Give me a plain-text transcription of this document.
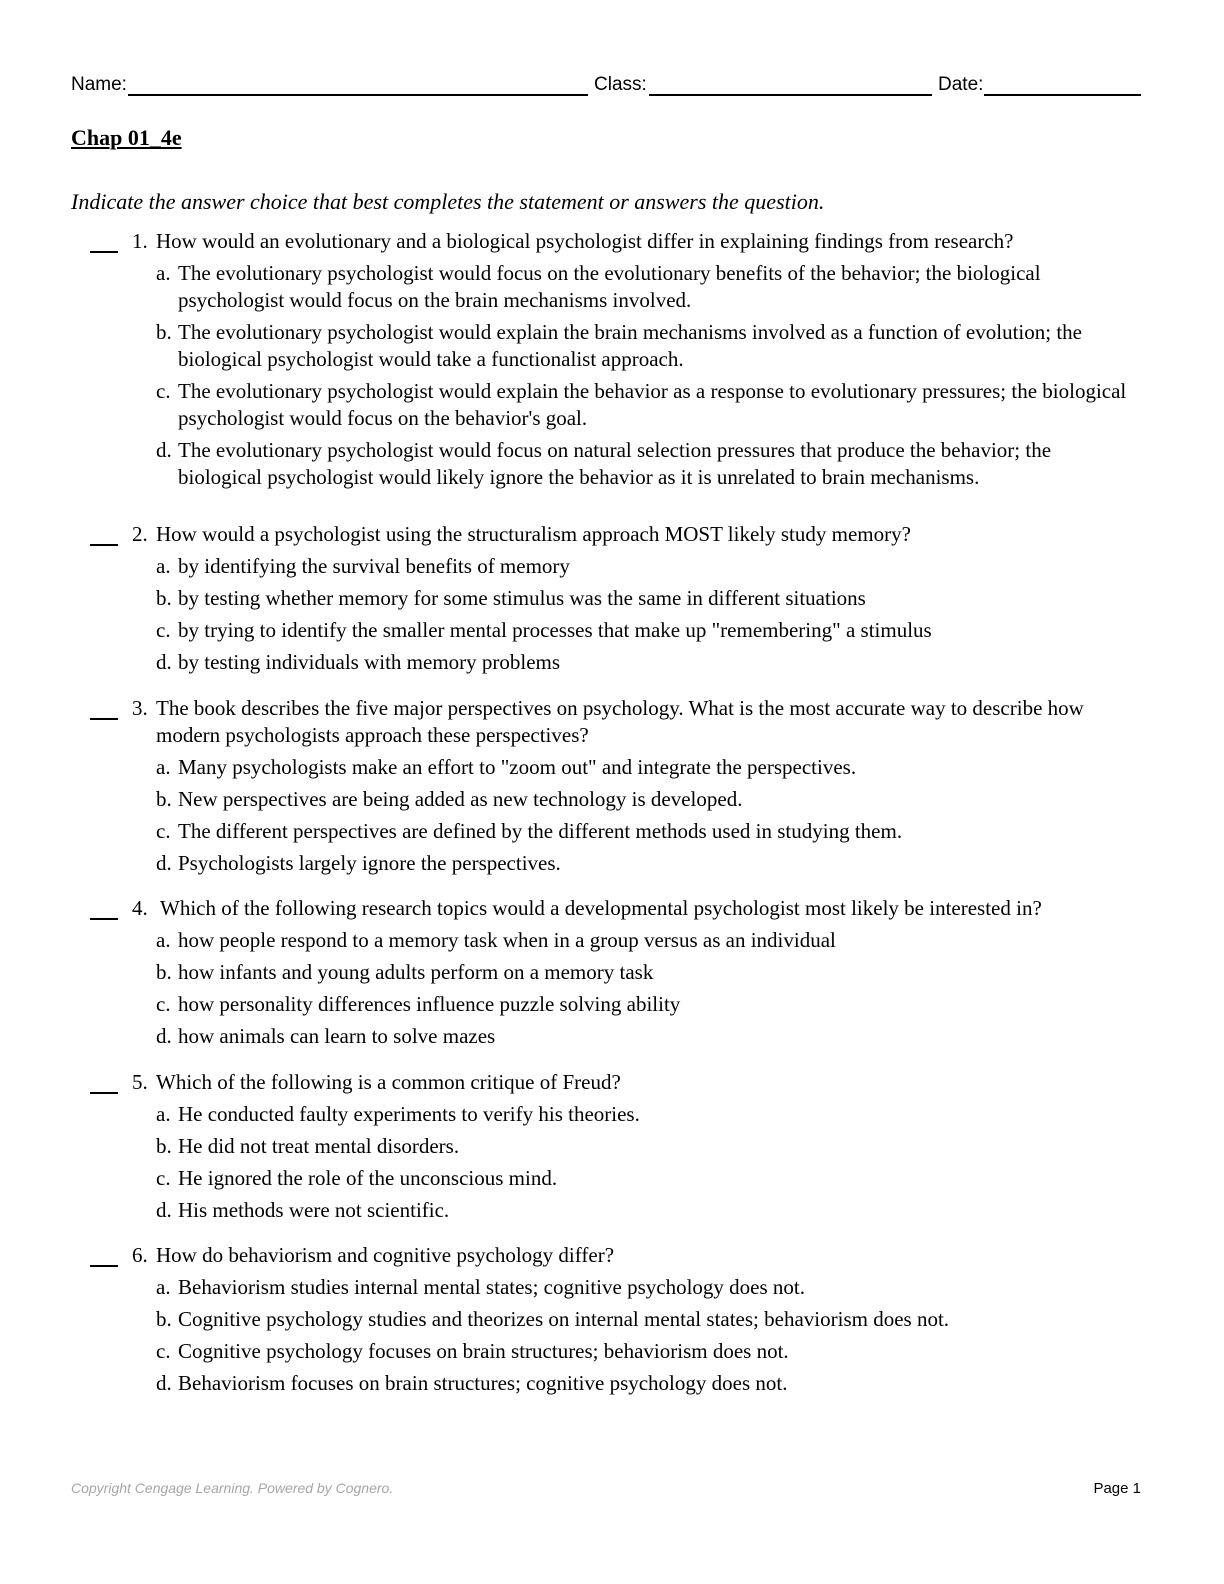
Name:	Class:	Date:
Chap 01_4e
Indicate the answer choice that best completes the statement or answers the question.
1. How would an evolutionary and a biological psychologist differ in explaining findings from research?
a. The evolutionary psychologist would focus on the evolutionary benefits of the behavior; the biological psychologist would focus on the brain mechanisms involved.
b. The evolutionary psychologist would explain the brain mechanisms involved as a function of evolution; the biological psychologist would take a functionalist approach.
c. The evolutionary psychologist would explain the behavior as a response to evolutionary pressures; the biological psychologist would focus on the behavior's goal.
d. The evolutionary psychologist would focus on natural selection pressures that produce the behavior; the biological psychologist would likely ignore the behavior as it is unrelated to brain mechanisms.
2. How would a psychologist using the structuralism approach MOST likely study memory?
a. by identifying the survival benefits of memory
b. by testing whether memory for some stimulus was the same in different situations
c. by trying to identify the smaller mental processes that make up "remembering" a stimulus
d. by testing individuals with memory problems
3. The book describes the five major perspectives on psychology. What is the most accurate way to describe how modern psychologists approach these perspectives?
a. Many psychologists make an effort to "zoom out" and integrate the perspectives.
b. New perspectives are being added as new technology is developed.
c. The different perspectives are defined by the different methods used in studying them.
d. Psychologists largely ignore the perspectives.
4. Which of the following research topics would a developmental psychologist most likely be interested in?
a. how people respond to a memory task when in a group versus as an individual
b. how infants and young adults perform on a memory task
c. how personality differences influence puzzle solving ability
d. how animals can learn to solve mazes
5. Which of the following is a common critique of Freud?
a. He conducted faulty experiments to verify his theories.
b. He did not treat mental disorders.
c. He ignored the role of the unconscious mind.
d. His methods were not scientific.
6. How do behaviorism and cognitive psychology differ?
a. Behaviorism studies internal mental states; cognitive psychology does not.
b. Cognitive psychology studies and theorizes on internal mental states; behaviorism does not.
c. Cognitive psychology focuses on brain structures; behaviorism does not.
d. Behaviorism focuses on brain structures; cognitive psychology does not.
Copyright Cengage Learning. Powered by Cognero.	Page 1
